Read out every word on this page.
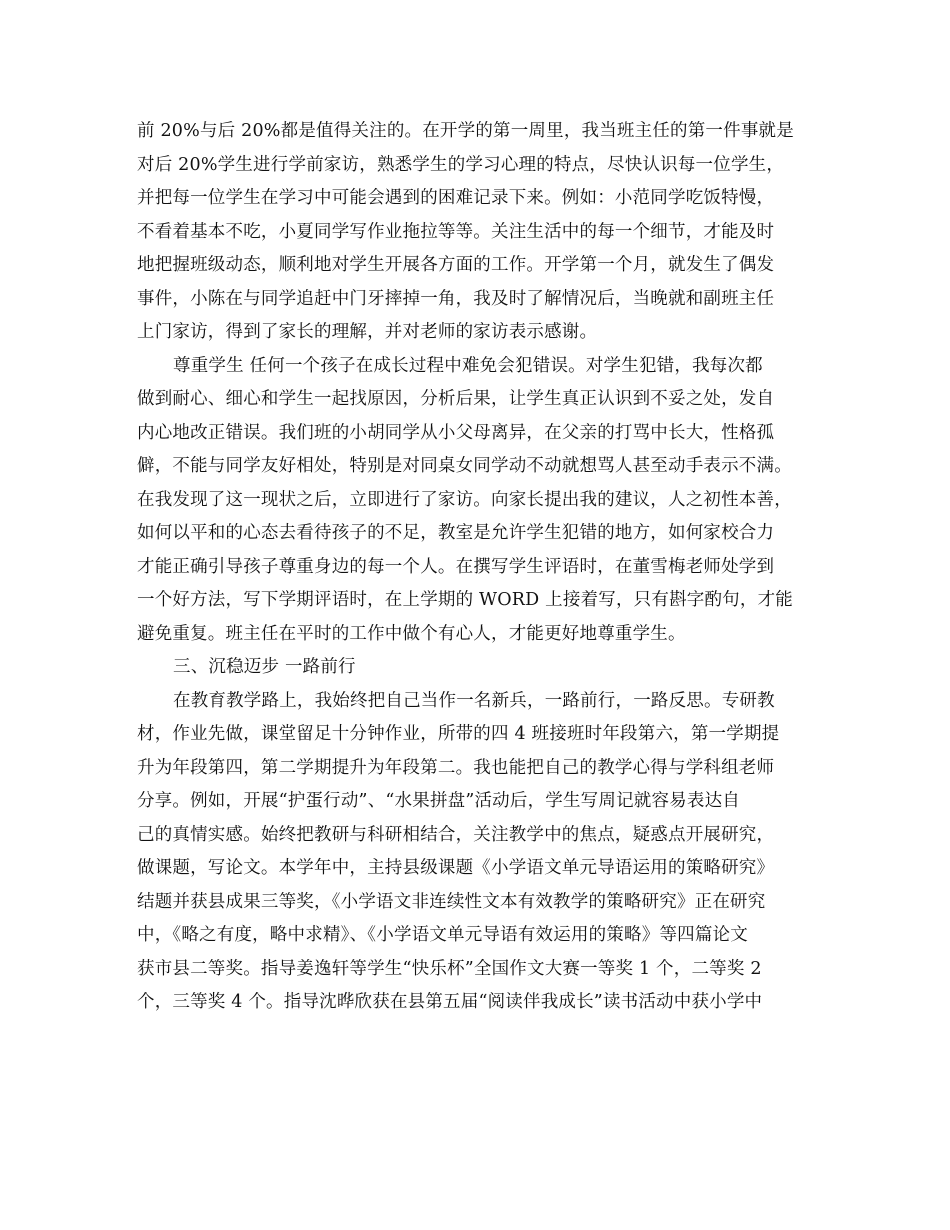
前 20%与后 20%都是值得关注的。在开学的第一周里，我当班主任的第一件事就是
对后 20%学生进行学前家访，熟悉学生的学习心理的特点，尽快认识每一位学生，
并把每一位学生在学习中可能会遇到的困难记录下来。例如：小范同学吃饭特慢，
不看着基本不吃，小夏同学写作业拖拉等等。关注生活中的每一个细节，才能及时
地把握班级动态，顺利地对学生开展各方面的工作。开学第一个月，就发生了偶发
事件，小陈在与同学追赶中门牙摔掉一角，我及时了解情况后，当晚就和副班主任
上门家访，得到了家长的理解，并对老师的家访表示感谢。
尊重学生 任何一个孩子在成长过程中难免会犯错误。对学生犯错，我每次都
做到耐心、细心和学生一起找原因，分析后果，让学生真正认识到不妥之处，发自
内心地改正错误。我们班的小胡同学从小父母离异，在父亲的打骂中长大，性格孤
僻，不能与同学友好相处，特别是对同桌女同学动不动就想骂人甚至动手表示不满。
在我发现了这一现状之后，立即进行了家访。向家长提出我的建议，人之初性本善，
如何以平和的心态去看待孩子的不足，教室是允许学生犯错的地方，如何家校合力
才能正确引导孩子尊重身边的每一个人。在撰写学生评语时，在董雪梅老师处学到
一个好方法，写下学期评语时，在上学期的 WORD 上接着写，只有斟字酌句，才能
避免重复。班主任在平时的工作中做个有心人，才能更好地尊重学生。
三、沉稳迈步 一路前行
在教育教学路上，我始终把自己当作一名新兵，一路前行，一路反思。专研教
材，作业先做，课堂留足十分钟作业，所带的四 4 班接班时年段第六，第一学期提
升为年段第四，第二学期提升为年段第二。我也能把自己的教学心得与学科组老师
分享。例如，开展“护蛋行动”、“水果拼盘”活动后，学生写周记就容易表达自
己的真情实感。始终把教研与科研相结合，关注教学中的焦点，疑惑点开展研究，
做课题，写论文。本学年中，主持县级课题《小学语文单元导语运用的策略研究》
结题并获县成果三等奖，《小学语文非连续性文本有效教学的策略研究》正在研究
中，《略之有度，略中求精》、《小学语文单元导语有效运用的策略》等四篇论文
获市县二等奖。指导姜逸轩等学生“快乐杯”全国作文大赛一等奖 1 个，二等奖 2
个，三等奖 4 个。指导沈晔欣获在县第五届“阅读伴我成长”读书活动中获小学中
